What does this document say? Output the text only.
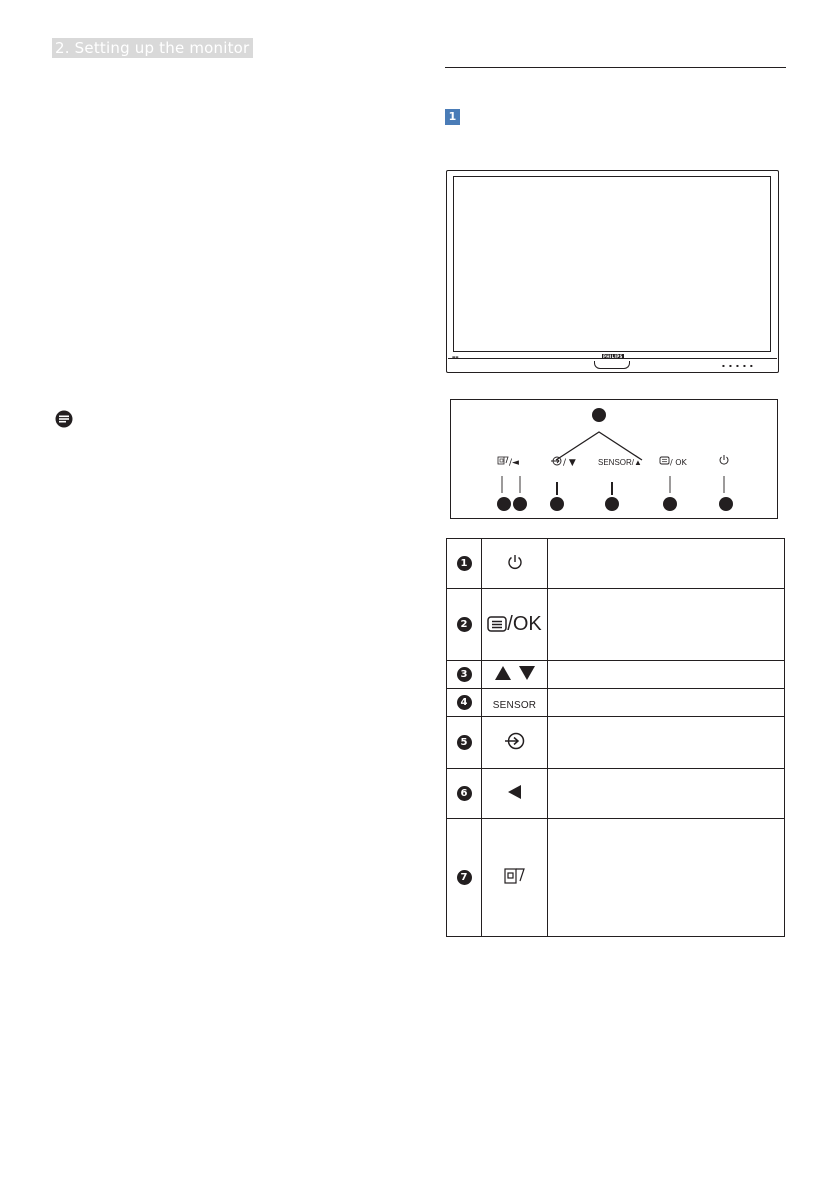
2. Setting up the monitor
1
PHILIPS
▬▬
▪ ▪ ▪ ▪ ▪
/◄	/ ▼	SENSOR/▲	/ OK
1

2	/OK	

3

4	SENSOR	

5

6

7
